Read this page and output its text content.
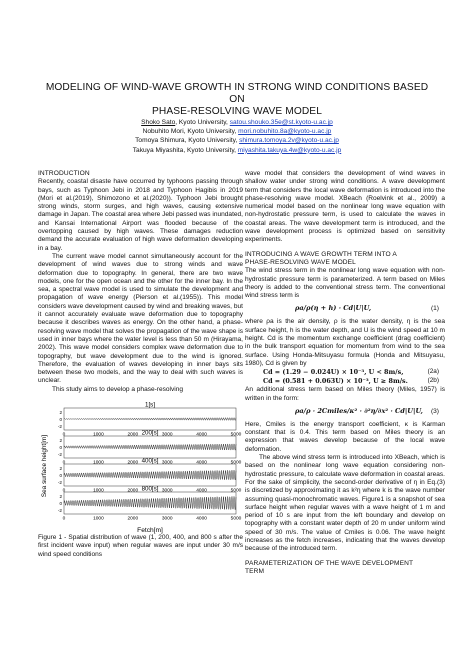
MODELING OF WIND-WAVE GROWTH IN STRONG WIND CONDITIONS BASED ON
PHASE-RESOLVING WAVE MODEL
Shoko Sato, Kyoto University, satou.shouko.35e@st.kyoto-u.ac.jp
Nobuhito Mori, Kyoto University, mori.nobuhito.8a@kyoto-u.ac.jp
Tomoya Shimura, Kyoto University, shimura.tomoya.2v@kyoto-u.ac.jp
Takuya Miyashita, Kyoto University, miyashita.takuya.4w@kyoto-u.ac.jp

INTRODUCTION

Recently, coastal disaste have occurred by typhoons passing through bays, such as Typhoon Jebi in 2018 and Typhoon Hagibis in 2019 (Mori et al.(2019), Shimozono et al.(2020)). Typhoon Jebi brought strong winds, storm surges, and high waves, causing extensive damage in Japan. The coastal area where Jebi passed was inundated, and Kansai International Airport was flooded because of the overtopping caused by high waves. These damages reduction demand the accurate evaluation of high wave deformation developing in a bay.

The current wave model cannot simultaneously account for the development of wind waves due to strong winds and wave deformation due to topography. In general, there are two wave models, one for the open ocean and the other for the inner bay. In the sea, a spectral wave model is used to simulate the development and propagation of wave energy (Pierson et al.(1955)). This model considers wave development caused by wind and breaking waves, but it cannot accurately evaluate wave deformation due to topography because it describes waves as energy. On the other hand, a phase-resolving wave model that solves the propagation of the wave shape is used in inner bays where the water level is less than 50 m (Hirayama, 2002). This wave model considers complex wave deformation due to topography, but wave development due to the wind is ignored. Therefore, the evaluation of waves developing in inner bays sits between these two models, and the way to deal with such waves is unclear.

This study aims to develop a phase-resolving

Sea surface height[m]
1[s]
2
0
-2
0	1000	2000	3000	4000	5000
200[s]
2
0
-2
0	1000	2000	3000	4000	5000
400[s]
2
0
-2
0	1000	2000	3000	4000	5000
800[s]
2
0
-2
0	1000	2000	3000	4000	5000
Fetch[m]

Figure 1 - Spatial distribution of wave (1, 200, 400, and 800 s after the first incident wave input) when regular waves are input under 30 m/s wind speed conditions

wave model that considers the development of wind waves in shallow water under strong wind conditions. A wave development term that considers the local wave deformation is introduced into the phase-resolving wave model. XBeach (Roelvink et al., 2009) a numerical model based on the nonlinear long wave equation with non-hydrostatic pressure term, is used to calculate the waves in coastal areas. The wave development term is introduced, and the wave development process is optimized based on sensitivity experiments.

INTRODUCING A WAVE GROWTH TERM INTO A
PHASE-RESOLVING WAVE MODEL

The wind stress term in the nonlinear long wave equation with non-hydrostatic pressure term is parameterized. A term based on Miles theory is added to the conventional stress term. The conventional wind stress term is

ρa/ρ(η + h) · Cd|U|U,	(1)

where ρa is the air density, ρ is the water density, η is the sea surface height, h is the water depth, and U is the wind speed at 10 m height. Cd is the momentum exchange coefficient (drag coefficient) in the bulk transport equation for momentum from wind to the sea surface. Using Honda-Mitsuyasu formula (Honda and Mitsuyasu, 1980), Cd is given by

Cd = (1.29 − 0.024U) × 10⁻³, U < 8m/s,	(2a)
Cd = (0.581 + 0.063U) × 10⁻³, U ≥ 8m/s.	(2b)

An additional stress term based on Miles theory (Miles, 1957) is written in the form:

ρa/ρ · 2Cmiles/κ² · ∂²η/∂x² · Cd|U|U, (3)

Here, Cmiles is the energy transport coefficient, κ is Karman constant that is 0.4. This term based on Miles theory is an expression that waves develop because of the local wave deformation.

The above wind stress term is introduced into XBeach, which is based on the nonlinear long wave equation considering non-hydrostatic pressure, to calculate wave deformation in coastal areas. For the sake of simplicity, the second-order derivative of η in Eq.(3) is discretized by approximating it as k²η where k is the wave number assuming quasi-monochromatic waves. Figure1 is a snapshot of sea surface height when regular waves with a wave height of 1 m and period of 10 s are input from the left boundary and develop on topography with a constant water depth of 20 m under uniform wind speed of 30 m/s. The value of Cmiles is 0.06. The wave height increases as the fetch increases, indicating that the waves develop because of the introduced term.

PARAMETERIZATION OF THE WAVE DEVELOPMENT
TERM
